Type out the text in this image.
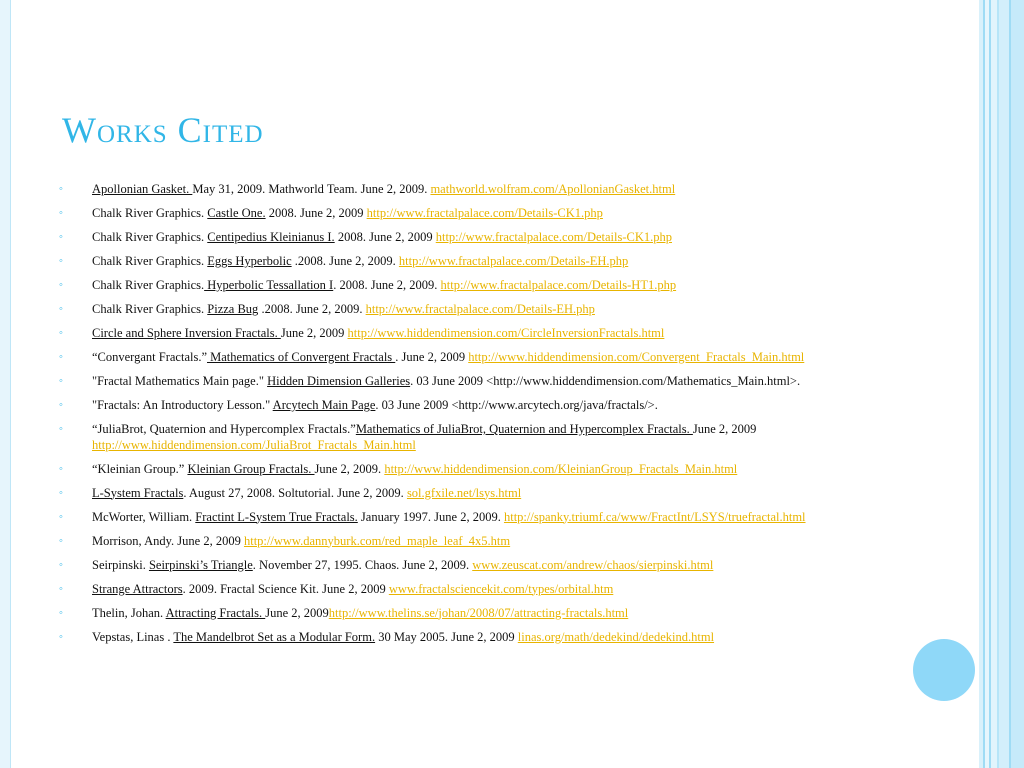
Works Cited
◦ Apollonian Gasket. May 31, 2009. Mathworld Team. June 2, 2009. mathworld.wolfram.com/ApollonianGasket.html
◦ Chalk River Graphics. Castle One. 2008. June 2, 2009 http://www.fractalpalace.com/Details-CK1.php
◦ Chalk River Graphics. Centipedius Kleinianus I. 2008. June 2, 2009 http://www.fractalpalace.com/Details-CK1.php
◦ Chalk River Graphics. Eggs Hyperbolic .2008. June 2, 2009. http://www.fractalpalace.com/Details-EH.php
◦ Chalk River Graphics. Hyperbolic Tessallation I. 2008. June 2, 2009. http://www.fractalpalace.com/Details-HT1.php
◦ Chalk River Graphics. Pizza Bug .2008. June 2, 2009. http://www.fractalpalace.com/Details-EH.php
◦ Circle and Sphere Inversion Fractals. June 2, 2009 http://www.hiddendimension.com/CircleInversionFractals.html
◦ “Convergant Fractals.” Mathematics of Convergent Fractals . June 2, 2009 http://www.hiddendimension.com/Convergent_Fractals_Main.html
◦ "Fractal Mathematics Main page." Hidden Dimension Galleries. 03 June 2009 <http://www.hiddendimension.com/Mathematics_Main.html>.
◦ "Fractals: An Introductory Lesson." Arcytech Main Page. 03 June 2009 <http://www.arcytech.org/java/fractals/>.
◦ “JuliaBrot, Quaternion and Hypercomplex Fractals.”Mathematics of JuliaBrot, Quaternion and Hypercomplex Fractals. June 2, 2009 http://www.hiddendimension.com/JuliaBrot_Fractals_Main.html
◦ “Kleinian Group.” Kleinian Group Fractals. June 2, 2009. http://www.hiddendimension.com/KleinianGroup_Fractals_Main.html
◦ L-System Fractals. August 27, 2008. Soltutorial. June 2, 2009. sol.gfxile.net/lsys.html
◦ McWorter, William. Fractint L-System True Fractals. January 1997. June 2, 2009. http://spanky.triumf.ca/www/FractInt/LSYS/truefractal.html
◦ Morrison, Andy. June 2, 2009 http://www.dannyburk.com/red_maple_leaf_4x5.htm
◦ Seirpinski. Seirpinski’s Triangle. November 27, 1995. Chaos. June 2, 2009. www.zeuscat.com/andrew/chaos/sierpinski.html
◦ Strange Attractors. 2009. Fractal Science Kit. June 2, 2009 www.fractalsciencekit.com/types/orbital.htm
◦ Thelin, Johan. Attracting Fractals. June 2, 2009http://www.thelins.se/johan/2008/07/attracting-fractals.html
◦ Vepstas, Linas . The Mandelbrot Set as a Modular Form. 30 May 2005. June 2, 2009 linas.org/math/dedekind/dedekind.html
